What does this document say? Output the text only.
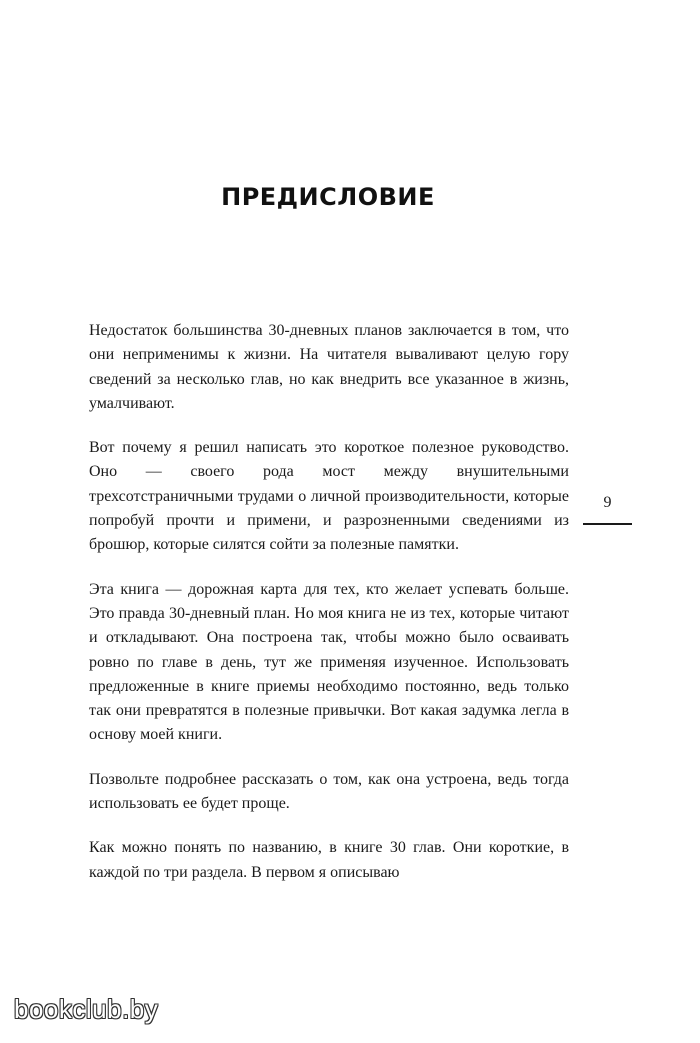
ПРЕДИСЛОВИЕ

Недостаток большинства 30-дневных планов заключается в том, что они неприменимы к жизни. На читателя вываливают целую гору сведений за несколько глав, но как внедрить все указанное в жизнь, умалчивают.

Вот почему я решил написать это короткое полезное руководство. Оно — своего рода мост между внушительными трехсотстраничными трудами о личной производительности, которые попробуй прочти и примени, и разрозненными сведениями из брошюр, которые силятся сойти за полезные памятки.

Эта книга — дорожная карта для тех, кто желает успевать больше. Это правда 30-дневный план. Но моя книга не из тех, которые читают и откладывают. Она построена так, чтобы можно было осваивать ровно по главе в день, тут же применяя изученное. Использовать предложенные в книге приемы необходимо постоянно, ведь только так они превратятся в полезные привычки. Вот какая задумка легла в основу моей книги.

Позвольте подробнее рассказать о том, как она устроена, ведь тогда использовать ее будет проще.

Как можно понять по названию, в книге 30 глав. Они короткие, в каждой по три раздела. В первом я описываю

9
bookclub.by
